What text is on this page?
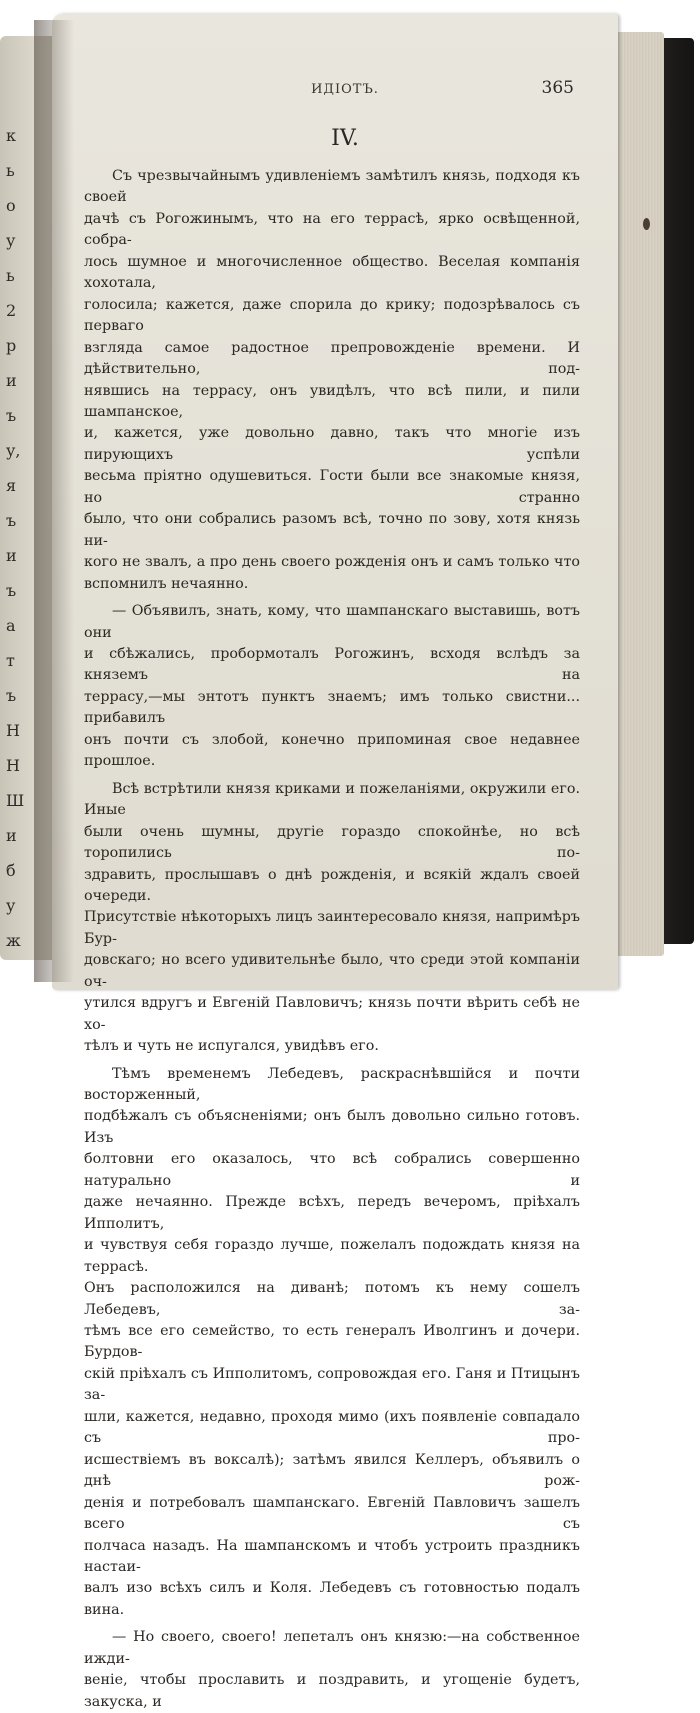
к
ь
о
у
ь
2
р
и
ъ
у,
я
ъ
и
ъ
а
т
ъ
Н
Н
Ш
и
б
у
ж
ИДІОТЪ.	365
IV.

Съ чрезвычайнымъ удивленіемъ замѣтилъ князь, подходя къ своей

дачѣ съ Рогожинымъ, что на его террасѣ, ярко освѣщенной, собра-

лось шумное и многочисленное общество. Веселая компанія хохотала,

голосила; кажется, даже спорила до крику; подозрѣвалось съ перваго

взгляда самое радостное препровожденіе времени. И дѣйствительно, под-

нявшись на террасу, онъ увидѣлъ, что всѣ пили, и пили шампанское,

и, кажется, уже довольно давно, такъ что многіе изъ пирующихъ успѣли

весьма пріятно одушевиться. Гости были все знакомые князя, но странно

было, что они собрались разомъ всѣ, точно по зову, хотя князь ни-

кого не звалъ, а про день своего рожденія онъ и самъ только что

вспомнилъ нечаянно.

— Объявилъ, знать, кому, что шампанскаго выставишь, вотъ они

и сбѣжались, пробормоталъ Рогожинъ, всходя вслѣдъ за княземъ на

террасу,—мы энтотъ пунктъ знаемъ; имъ только свистни... прибавилъ

онъ почти съ злобой, конечно припоминая свое недавнее прошлое.

Всѣ встрѣтили князя криками и пожеланіями, окружили его. Иные

были очень шумны, другіе гораздо спокойнѣе, но всѣ торопились по-

здравить, прослышавъ о днѣ рожденія, и всякій ждалъ своей очереди.

Присутствіе нѣкоторыхъ лицъ заинтересовало князя, напримѣръ Бур-

довскаго; но всего удивительнѣе было, что среди этой компаніи оч-

утился вдругъ и Евгеній Павловичъ; князь почти вѣрить себѣ не хо-

тѣлъ и чуть не испугался, увидѣвъ его.

Тѣмъ временемъ Лебедевъ, раскраснѣвшійся и почти восторженный,

подбѣжалъ съ объясненіями; онъ былъ довольно сильно готовъ. Изъ

болтовни его оказалось, что всѣ собрались совершенно натурально и

даже нечаянно. Прежде всѣхъ, передъ вечеромъ, пріѣхалъ Ипполитъ,

и чувствуя себя гораздо лучше, пожелалъ подождать князя на террасѣ.

Онъ расположился на диванѣ; потомъ къ нему сошелъ Лебедевъ, за-

тѣмъ все его семейство, то есть генералъ Иволгинъ и дочери. Бурдов-

скій пріѣхалъ съ Ипполитомъ, сопровождая его. Ганя и Птицынъ за-

шли, кажется, недавно, проходя мимо (ихъ появленіе совпадало съ про-

исшествіемъ въ воксалѣ); затѣмъ явился Келлеръ, объявилъ о днѣ рож-

денія и потребовалъ шампанскаго. Евгеній Павловичъ зашелъ всего съ

полчаса назадъ. На шампанскомъ и чтобъ устроить праздникъ настаи-

валъ изо всѣхъ силъ и Коля. Лебедевъ съ готовностью подалъ вина.

— Но своего, своего! лепеталъ онъ князю:—на собственное ижди-

веніе, чтобы прославить и поздравить, и угощеніе будетъ, закуска, и
